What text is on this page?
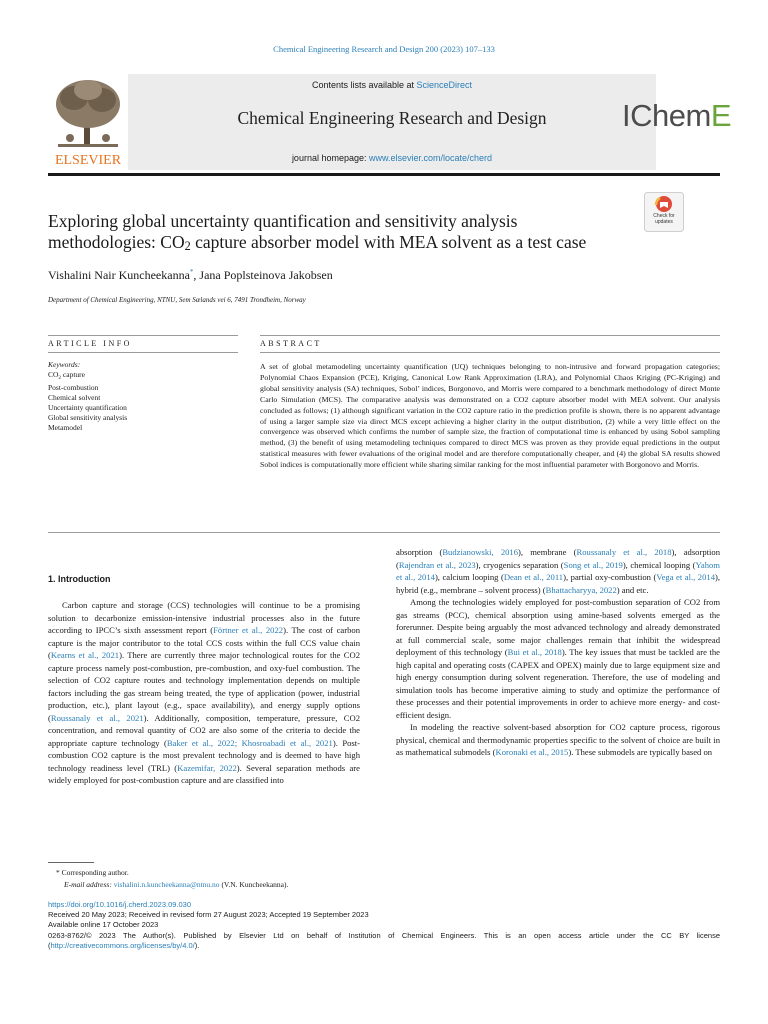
Chemical Engineering Research and Design 200 (2023) 107–133
ELSEVIER
Contents lists available at ScienceDirect
Chemical Engineering Research and Design
journal homepage: www.elsevier.com/locate/cherd
IChemE
Exploring global uncertainty quantification and sensitivity analysis methodologies: $CO_2$ capture absorber model with MEA solvent as a test case
Check for updates
Vishalini Nair Kuncheekanna*, Jana Poplsteinova Jakobsen
Department of Chemical Engineering, NTNU, Sem Sælands vei 6, 7491 Trondheim, Norway
ARTICLE INFO	ABSTRACT
Keywords:
$CO_2$ capture
Post-combustion
Chemical solvent
Uncertainty quantification
Global sensitivity analysis
Metamodel
A set of global metamodeling uncertainty quantification (UQ) techniques belonging to non-intrusive and forward propagation categories; Polynomial Chaos Expansion (PCE), Kriging, Canonical Low Rank Approximation (LRA), and Polynomial Chaos Kriging (PC-Kriging) and global sensitivity analysis (SA) techniques, Sobol’ indices, Borgonovo, and Morris were compared to a benchmark methodology of direct Monte Carlo Simulation (MCS). The comparative analysis was demonstrated on a CO2 capture absorber model with MEA solvent. Our analysis concluded as follows; (1) although significant variation in the CO2 capture ratio in the prediction profile is shown, there is no apparent advantage of using a larger sample size via direct MCS except achieving a higher clarity in the output distribution, (2) while a very little effect on the convergence was observed which confirms the number of sample size, the fraction of computational time is enhanced by using Sobol sampling method, (3) the benefit of using metamodeling techniques compared to direct MCS was proven as they provide equal predictions in the output statistical measures with fewer evaluations of the original model and are therefore computationally cheaper, and (4) the global SA results showed Sobol indices is computationally more efficient while sharing similar ranking for the most influential parameter with Borgonovo and Morris.
1. Introduction

Carbon capture and storage (CCS) technologies will continue to be a promising solution to decarbonize emission-intensive industrial processes also in the future according to IPCC’s sixth assessment report (Förtner et al., 2022). The cost of carbon capture is the major contributor to the total CCS costs within the full CCS value chain (Kearns et al., 2021). There are currently three major technological routes for the CO2 capture process namely post-combustion, pre-combustion, and oxy-fuel combustion. The selection of CO2 capture routes and technology implementation depends on multiple factors including the gas stream being treated, the type of application (power, industrial production, etc.), plant layout (e.g., space availability), and energy supply options (Roussanaly et al., 2021). Additionally, composition, temperature, pressure, CO2 concentration, and removal quantity of CO2 are also some of the criteria to decide the appropriate capture technology (Baker et al., 2022; Khosroabadi et al., 2021). Post-combustion CO2 capture is the most prevalent technology and is deemed to have high technology readiness level (TRL) (Kazemifar, 2022). Several separation methods are widely employed for post-combustion capture and are classified into

absorption (Budzianowski, 2016), membrane (Roussanaly et al., 2018), adsorption (Rajendran et al., 2023), cryogenics separation (Song et al., 2019), chemical looping (Yahom et al., 2014), calcium looping (Dean et al., 2011), partial oxy-combustion (Vega et al., 2014), hybrid (e.g., membrane – solvent process) (Bhattacharyya, 2022) and etc.

Among the technologies widely employed for post-combustion separation of CO2 from gas streams (PCC), chemical absorption using amine-based solvents emerged as the forerunner. Despite being arguably the most advanced technology and already demonstrated at full commercial scale, some major challenges remain that inhibit the widespread deployment of this technology (Bui et al., 2018). The key issues that must be tackled are the high capital and operating costs (CAPEX and OPEX) mainly due to large equipment size and high energy consumption during solvent regeneration. Therefore, the use of modeling and simulation tools has become imperative aiming to study and optimize the performance of these processes and their potential improvements in order to achieve more energy- and cost-efficient design.

In modeling the reactive solvent-based absorption for CO2 capture process, rigorous physical, chemical and thermodynamic properties specific to the solvent of choice are built in as mathematical submodels (Koronaki et al., 2015). These submodels are typically based on

* Corresponding author.
E-mail address: vishalini.n.kuncheekanna@ntnu.no (V.N. Kuncheekanna).
https://doi.org/10.1016/j.cherd.2023.09.030
Received 20 May 2023; Received in revised form 27 August 2023; Accepted 19 September 2023
Available online 17 October 2023
0263-8762/© 2023 The Author(s). Published by Elsevier Ltd on behalf of Institution of Chemical Engineers. This is an open access article under the CC BY license (http://creativecommons.org/licenses/by/4.0/).
